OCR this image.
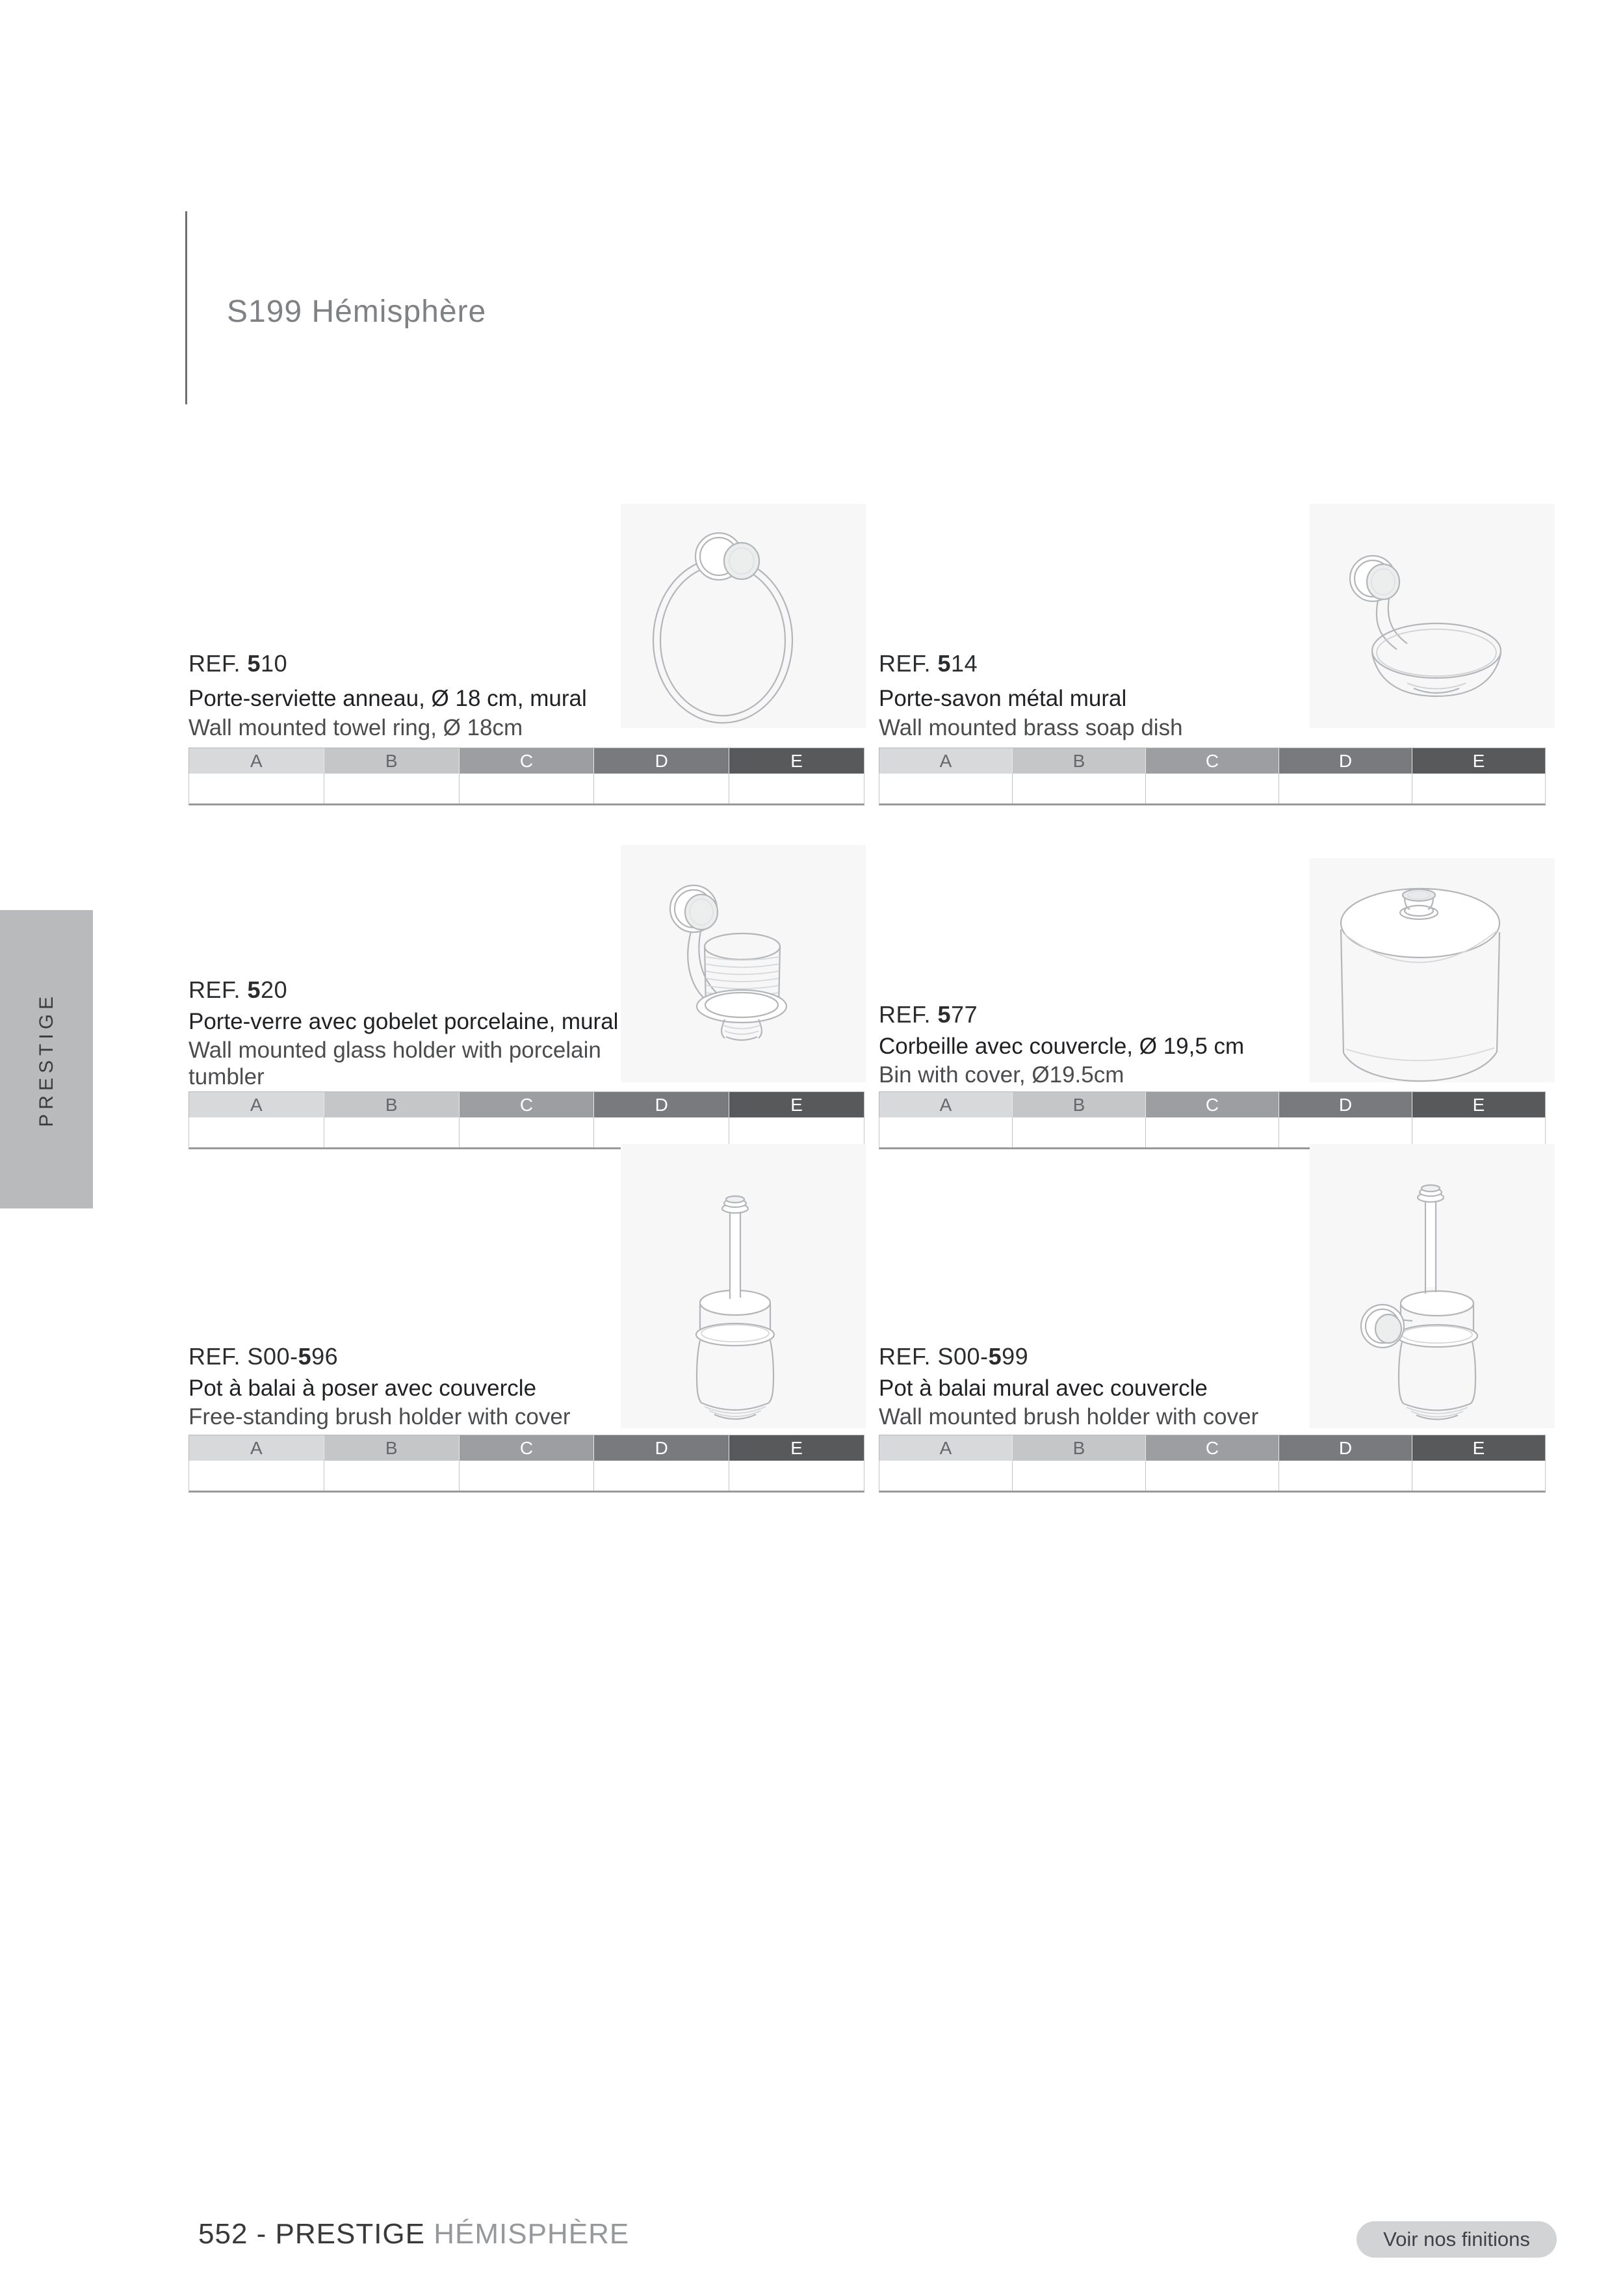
S199 Hémisphère
PRESTIGE

REF. 510

Porte-serviette anneau, Ø 18 cm, mural

Wall mounted towel ring, Ø 18cm

A	B	C	D	E

REF. 514

Porte-savon métal mural

Wall mounted brass soap dish

A	B	C	D	E

REF. 520

Porte-verre avec gobelet porcelaine, mural

Wall mounted glass holder with porcelain tumbler

A	B	C	D	E

REF. 577

Corbeille avec couvercle, Ø 19,5 cm

Bin with cover, Ø19.5cm

A	B	C	D	E

REF. S00-596

Pot à balai à poser avec couvercle

Free-standing brush holder with cover

A	B	C	D	E

REF. S00-599

Pot à balai mural avec couvercle

Wall mounted brush holder with cover

A	B	C	D	E

552 - PRESTIGE HÉMISPHÈRE	Voir nos finitions
